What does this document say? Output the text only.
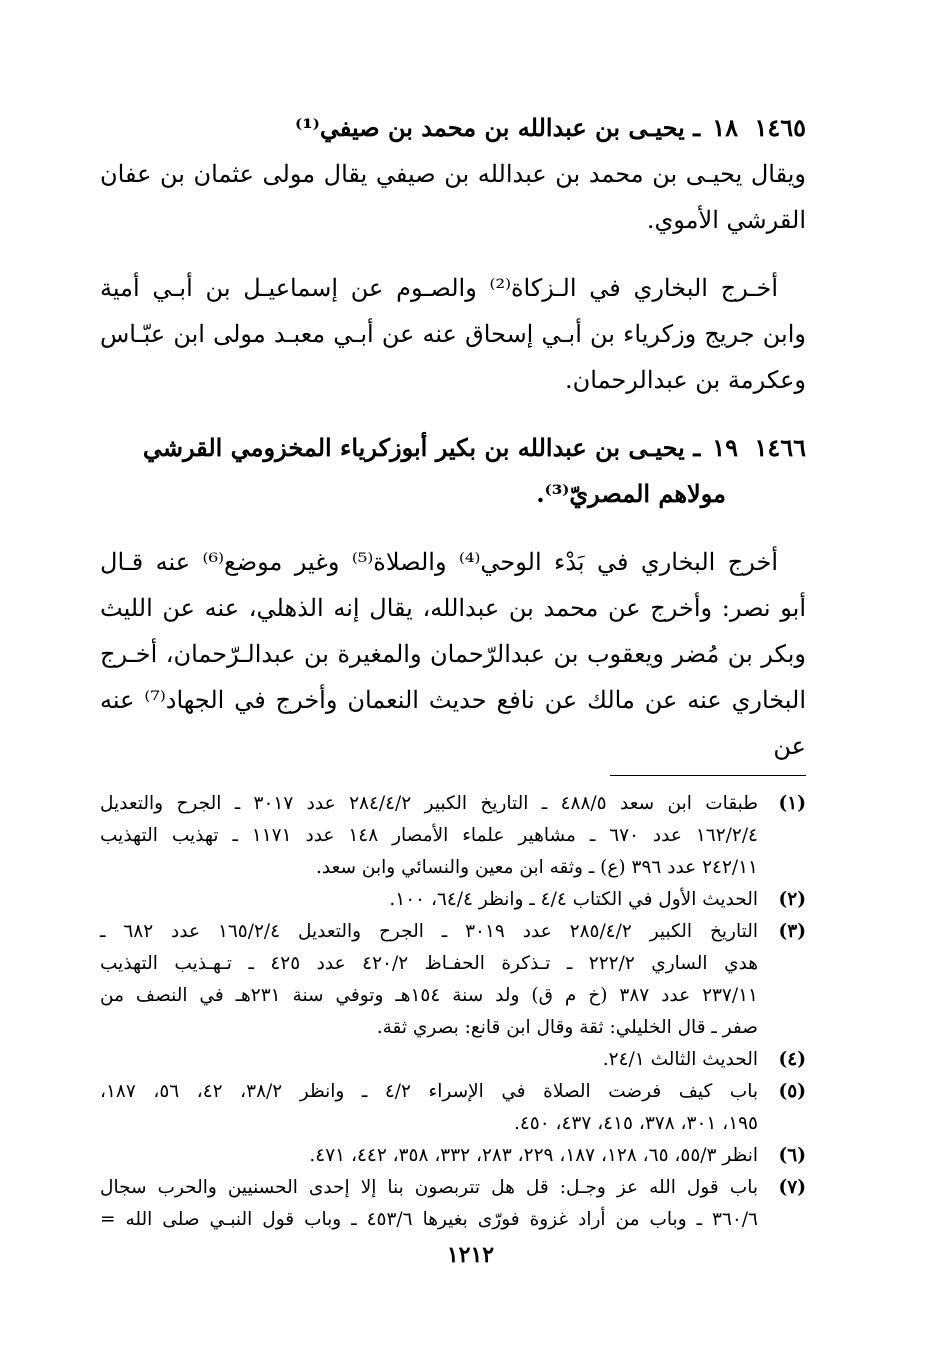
١٤٦٥
١٨
ـ يحيـى بن عبدالله بن محمد بن صيفي⁽¹⁾
ويقال يحيـى بن محمد بن عبدالله بن صيفي يقال مولى عثمان بن عفان
القرشي الأموي.
أخـرج البخاري في الـزكاة⁽²⁾ والصـوم عن إسماعيـل بن أبـي أمية
وابن جريج وزكرياء بن أبـي إسحاق عنه عن أبـي معبـد مولى ابن عبّـاس
وعكرمة بن عبدالرحمان.
١٤٦٦
١٩
ـ يحيـى بن عبدالله بن بكير أبوزكرياء المخزومي القرشي
مولاهم المصريّ⁽³⁾.
أخرج البخاري في بَدْء الوحي⁽⁴⁾ والصلاة⁽⁵⁾ وغير موضع⁽⁶⁾ عنه قـال
أبو نصر: وأخرج عن محمد بن عبدالله، يقال إنه الذهلي، عنه عن الليث
وبكر بن مُضر ويعقوب بن عبدالرّحمان والمغيرة بن عبدالـرّحمان، أخـرج
البخاري عنه عن مالك عن نافع حديث النعمان وأخرج في الجهاد⁽⁷⁾ عنه عن
(١)
طبقات ابن سعد ٤٨٨/٥ ـ التاريخ الكبير ٢٨٤/٤/٢ عدد ٣٠١٧ ـ الجرح والتعديل
١٦٢/٢/٤ عدد ٦٧٠ ـ مشاهير علماء الأمصار ١٤٨ عدد ١١٧١ ـ تهذيب التهذيب
٢٤٢/١١ عدد ٣٩٦ (ع) ـ وثقه ابن معين والنسائي وابن سعد.
(٢)
الحديث الأول في الكتاب ٤/٤ ـ وانظر ٦٤/٤، ١٠٠.
(٣)
التاريخ الكبير ٢٨٥/٤/٢ عدد ٣٠١٩ ـ الجرح والتعديل ١٦٥/٢/٤ عدد ٦٨٢ ـ
هدي الساري ٢٢٢/٢ ـ تـذكرة الحفـاظ ٤٢٠/٢ عدد ٤٢٥ ـ تـهـذيب التهذيب
٢٣٧/١١ عدد ٣٨٧ (خ م ق) ولد سنة ١٥٤هـ وتوفي سنة ٢٣١هـ في النصف من
صفر ـ قال الخليلي: ثقة وقال ابن قانع: بصري ثقة.
(٤)
الحديث الثالث ٢٤/١.
(٥)
باب كيف فرضت الصلاة في الإسراء ٤/٢ ـ وانظر ٣٨/٢، ٤٢، ٥٦، ١٨٧،
١٩٥، ٣٠١، ٣٧٨، ٤١٥، ٤٣٧، ٤٥٠.
(٦)
انظر ٥٥/٣، ٦٥، ١٢٨، ١٨٧، ٢٢٩، ٢٨٣، ٣٣٢، ٣٥٨، ٤٤٢، ٤٧١.
(٧)
باب قول الله عز وجـل: قل هل تتربصون بنا إلا إحدى الحسنيين والحرب سجال
٣٦٠/٦ ـ وباب من أراد غزوة فورّى بغيرها ٤٥٣/٦ ـ وباب قول النبـي صلى الله =
١٢١٢
